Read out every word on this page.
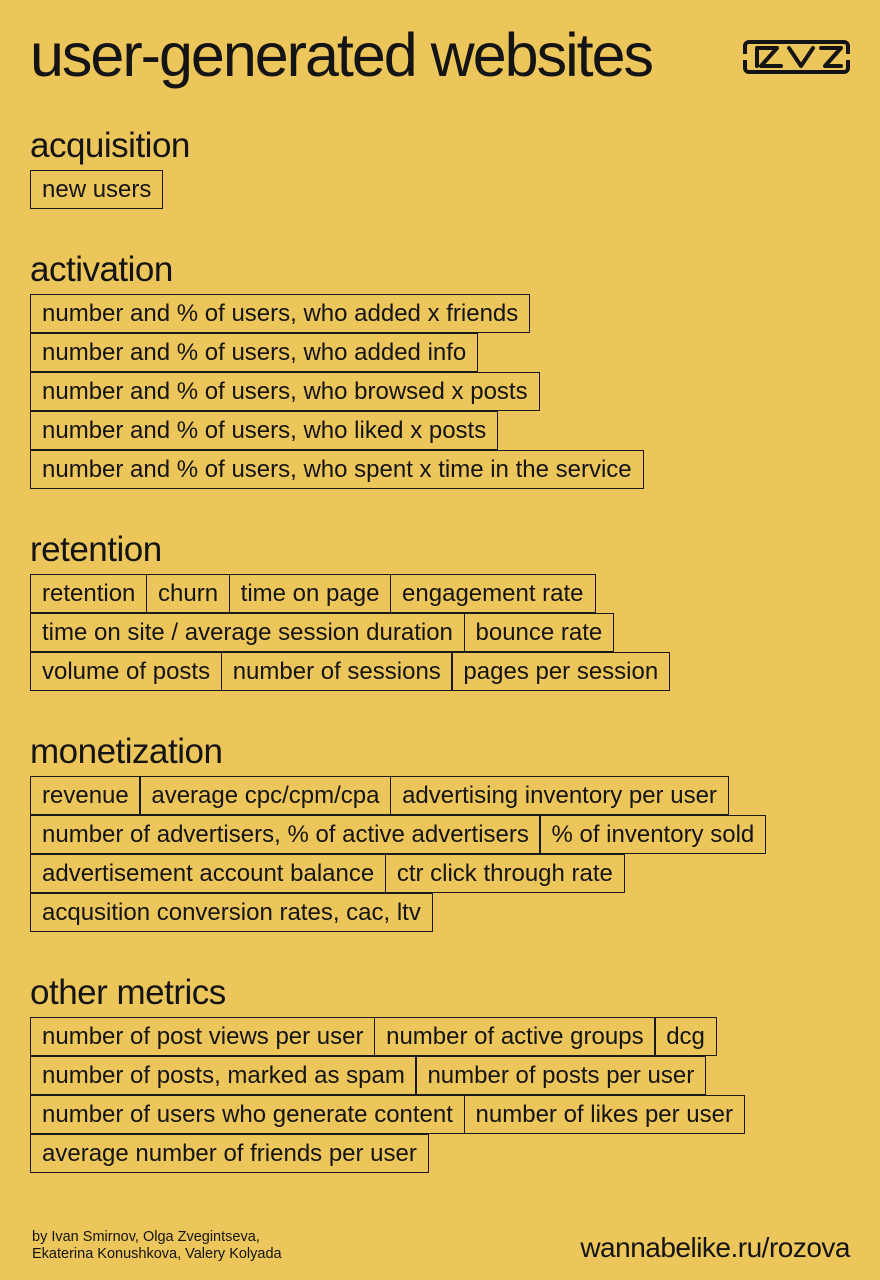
user-generated websites
acquisition
new users
activation
number and % of users, who added x friends
number and % of users, who added info
number and % of users, who browsed x posts
number and % of users, who liked x posts
number and % of users, who spent x time in the service
retention
retention churn time on page engagement rate
time on site / average session duration bounce rate
volume of posts number of sessions pages per session
monetization
revenue average cpc/cpm/cpa advertising inventory per user
number of advertisers, % of active advertisers % of inventory sold
advertisement account balance ctr click through rate
acqusition conversion rates, cac, ltv
other metrics
number of post views per user number of active groups dcg
number of posts, marked as spam number of posts per user
number of users who generate content number of likes per user
average number of friends per user
by Ivan Smirnov, Olga Zvegintseva,
Ekaterina Konushkova, Valery Kolyada	wannabelike.ru/rozova
